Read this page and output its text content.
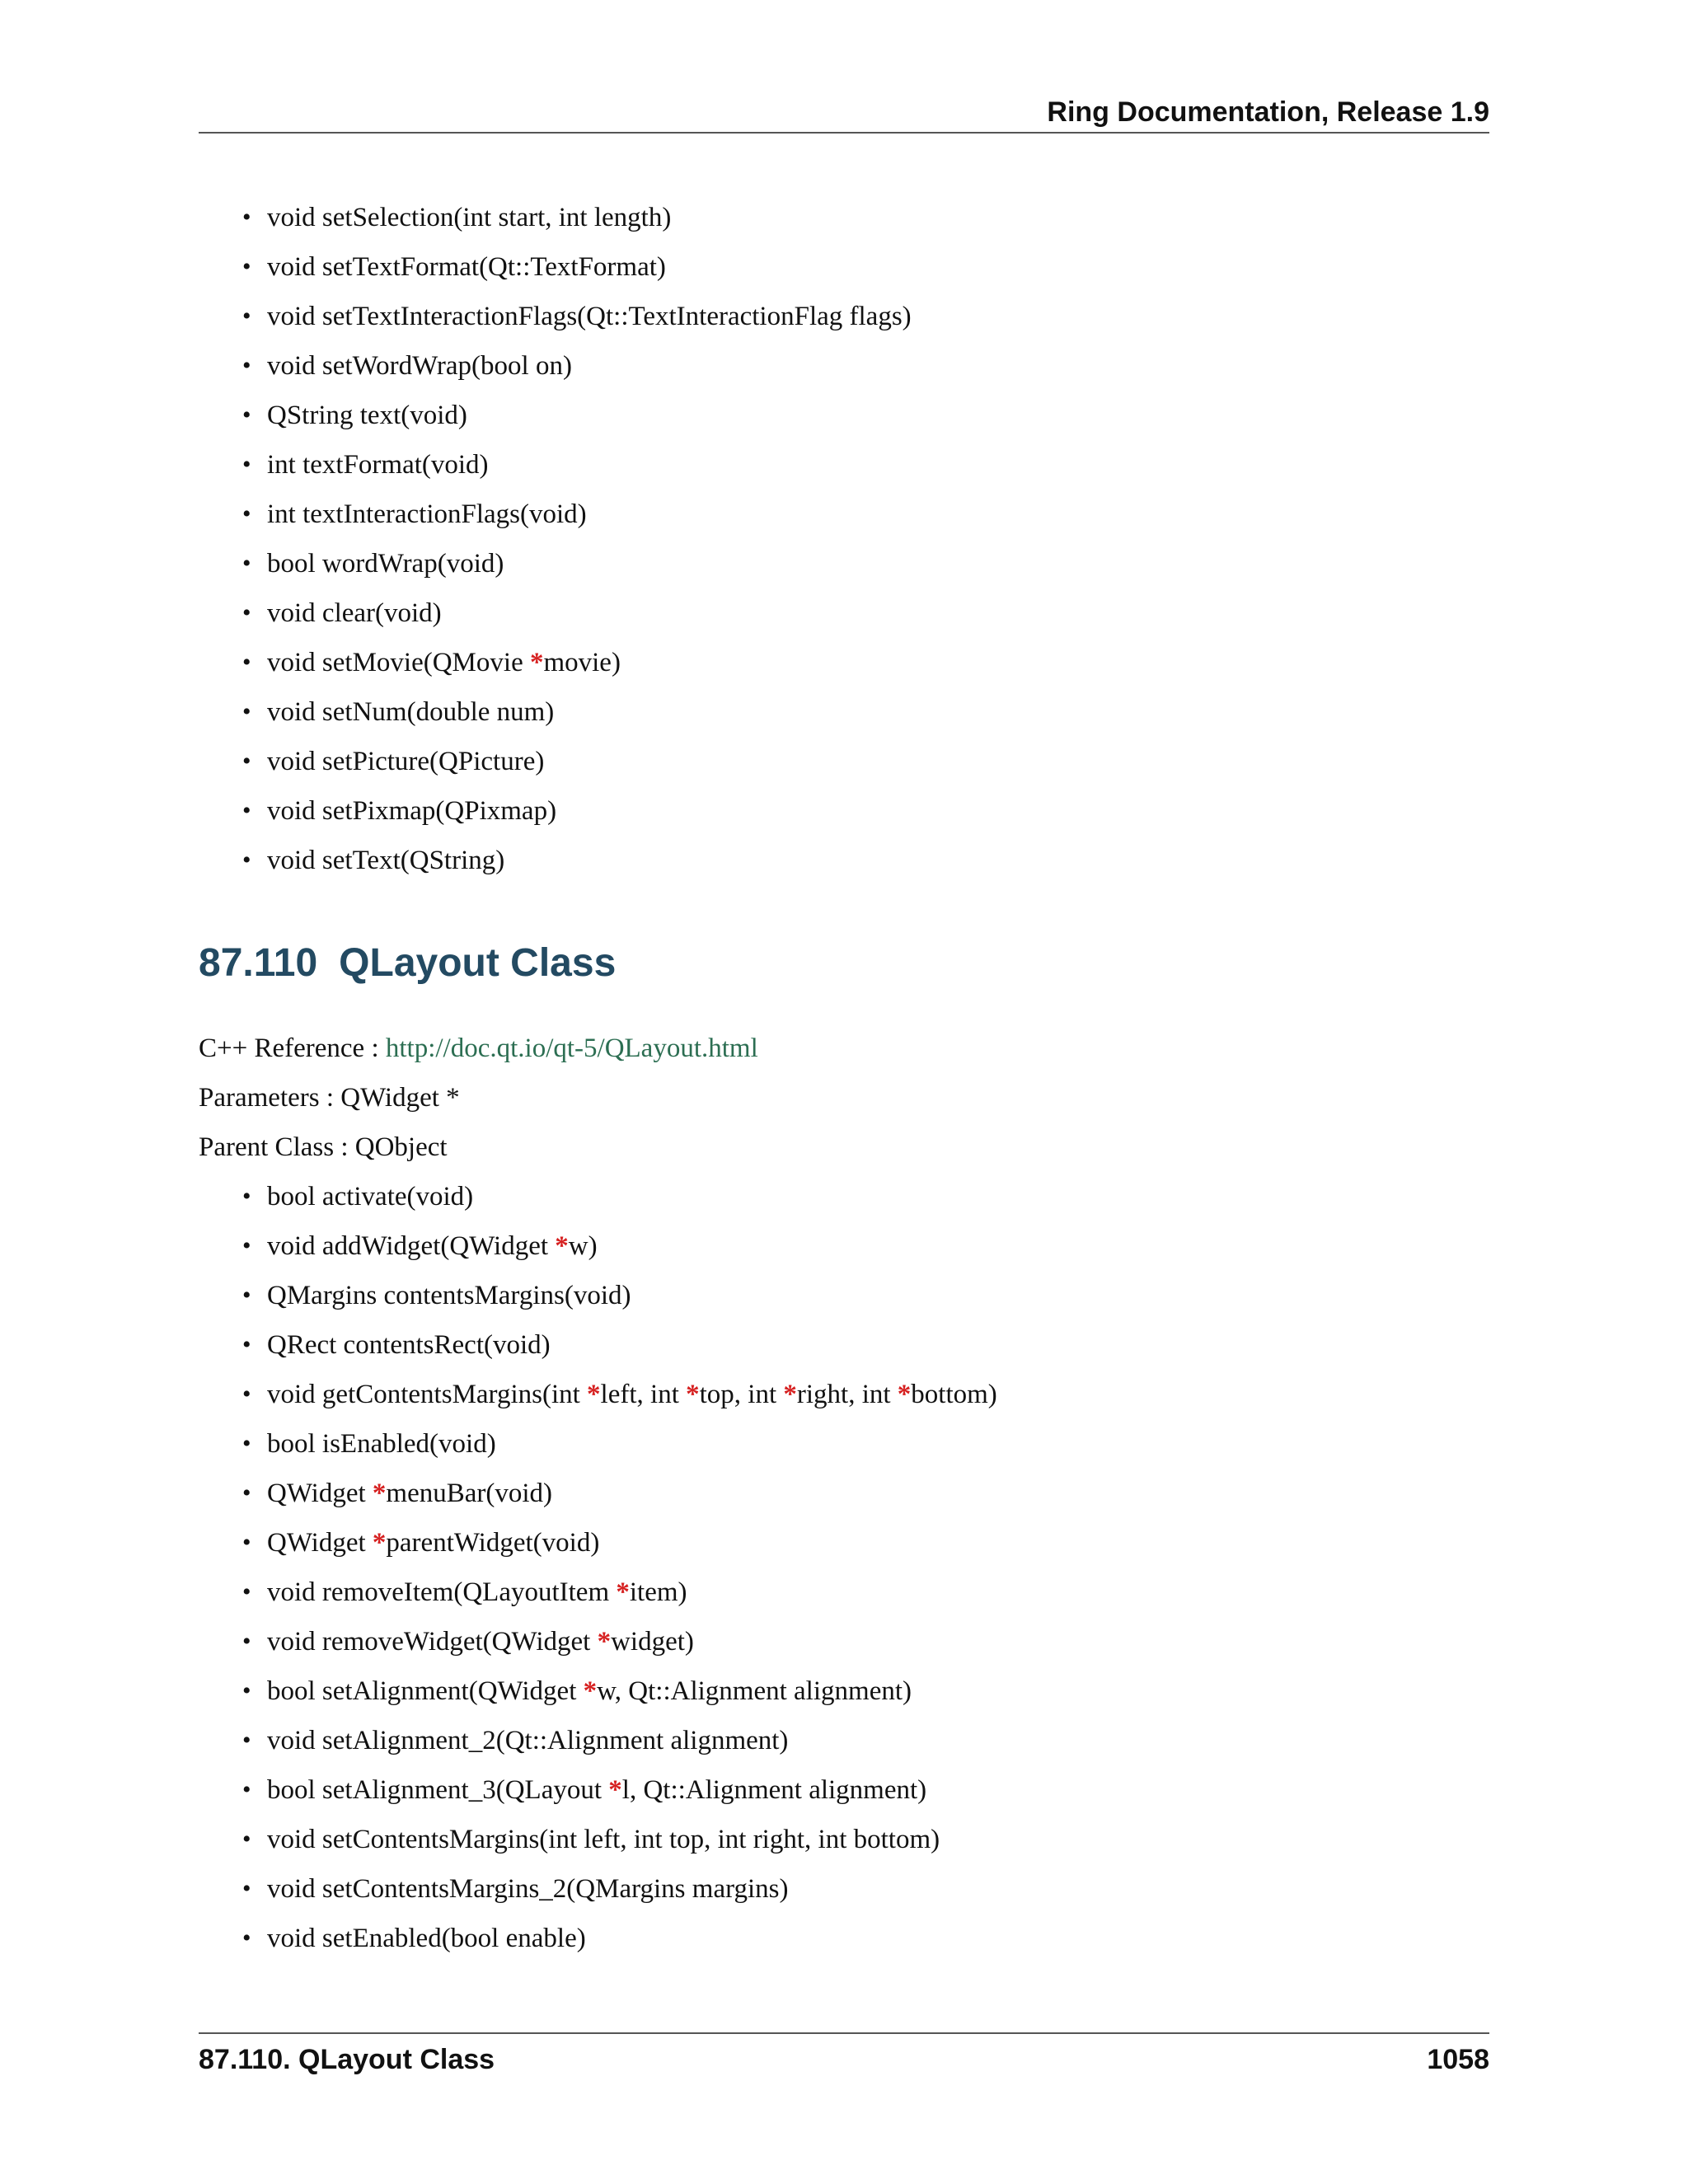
Ring Documentation, Release 1.9
• void setSelection(int start, int length)
• void setTextFormat(Qt::TextFormat)
• void setTextInteractionFlags(Qt::TextInteractionFlag flags)
• void setWordWrap(bool on)
• QString text(void)
• int textFormat(void)
• int textInteractionFlags(void)
• bool wordWrap(void)
• void clear(void)
• void setMovie(QMovie *movie)
• void setNum(double num)
• void setPicture(QPicture)
• void setPixmap(QPixmap)
• void setText(QString)
87.110 QLayout Class
C++ Reference : http://doc.qt.io/qt-5/QLayout.html
Parameters : QWidget *
Parent Class : QObject
• bool activate(void)
• void addWidget(QWidget *w)
• QMargins contentsMargins(void)
• QRect contentsRect(void)
• void getContentsMargins(int *left, int *top, int *right, int *bottom)
• bool isEnabled(void)
• QWidget *menuBar(void)
• QWidget *parentWidget(void)
• void removeItem(QLayoutItem *item)
• void removeWidget(QWidget *widget)
• bool setAlignment(QWidget *w, Qt::Alignment alignment)
• void setAlignment_2(Qt::Alignment alignment)
• bool setAlignment_3(QLayout *l, Qt::Alignment alignment)
• void setContentsMargins(int left, int top, int right, int bottom)
• void setContentsMargins_2(QMargins margins)
• void setEnabled(bool enable)
87.110. QLayout Class	1058
